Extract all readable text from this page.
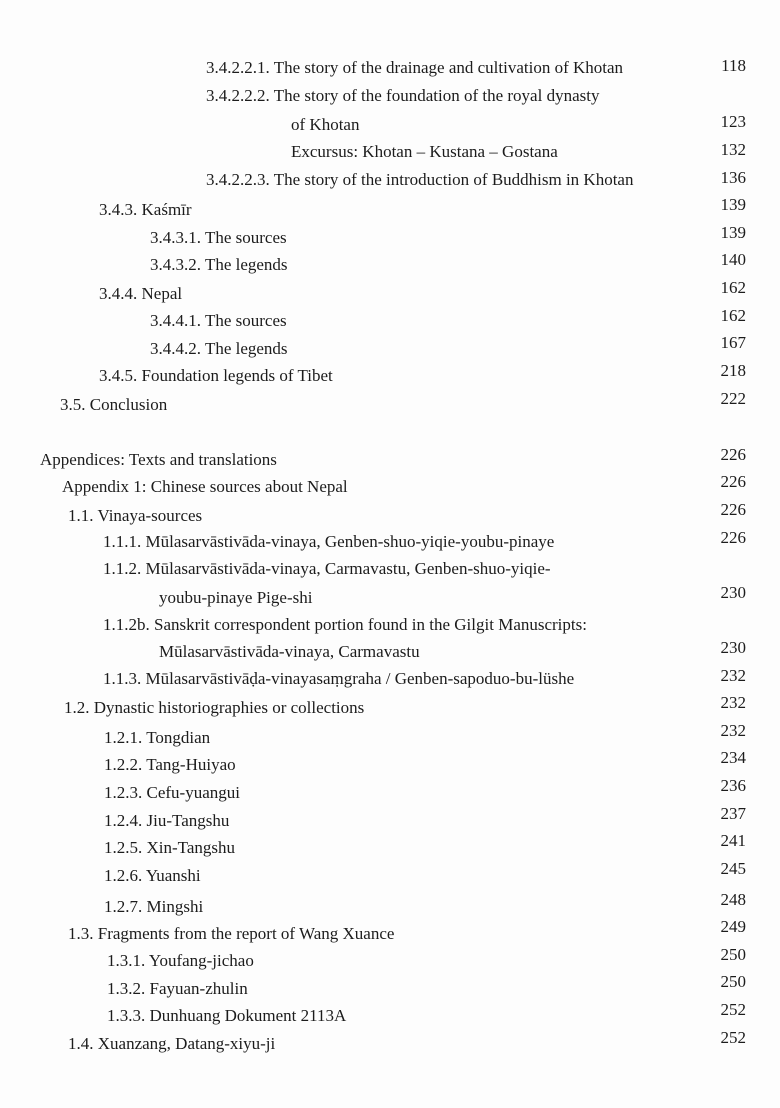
3.4.2.2.1. The story of the drainage and cultivation of Khotan	118
3.4.2.2.2. The story of the foundation of the royal dynasty
of Khotan	123
Excursus: Khotan – Kustana – Gostana	132
3.4.2.2.3. The story of the introduction of Buddhism in Khotan	136
3.4.3. Kaśmīr	139
3.4.3.1. The sources	139
3.4.3.2. The legends	140
3.4.4. Nepal	162
3.4.4.1. The sources	162
3.4.4.2. The legends	167
3.4.5. Foundation legends of Tibet	218
3.5. Conclusion	222
Appendices: Texts and translations	226
Appendix 1: Chinese sources about Nepal	226
1.1. Vinaya-sources	226
1.1.1. Mūlasarvāstivāda-vinaya, Genben-shuo-yiqie-youbu-pinaye	226
1.1.2. Mūlasarvāstivāda-vinaya, Carmavastu, Genben-shuo-yiqie-
youbu-pinaye Pige-shi	230
1.1.2b. Sanskrit correspondent portion found in the Gilgit Manuscripts:
Mūlasarvāstivāda-vinaya, Carmavastu	230
1.1.3. Mūlasarvāstivāḍa-vinayasaṃgraha / Genben-sapoduo-bu-lüshe	232
1.2. Dynastic historiographies or collections	232
1.2.1. Tongdian	232
1.2.2. Tang-Huiyao	234
1.2.3. Cefu-yuangui	236
1.2.4. Jiu-Tangshu	237
1.2.5. Xin-Tangshu	241
1.2.6. Yuanshi	245
1.2.7. Mingshi	248
1.3. Fragments from the report of Wang Xuance	249
1.3.1. Youfang-jichao	250
1.3.2. Fayuan-zhulin	250
1.3.3. Dunhuang Dokument 2113A	252
1.4. Xuanzang, Datang-xiyu-ji	252
